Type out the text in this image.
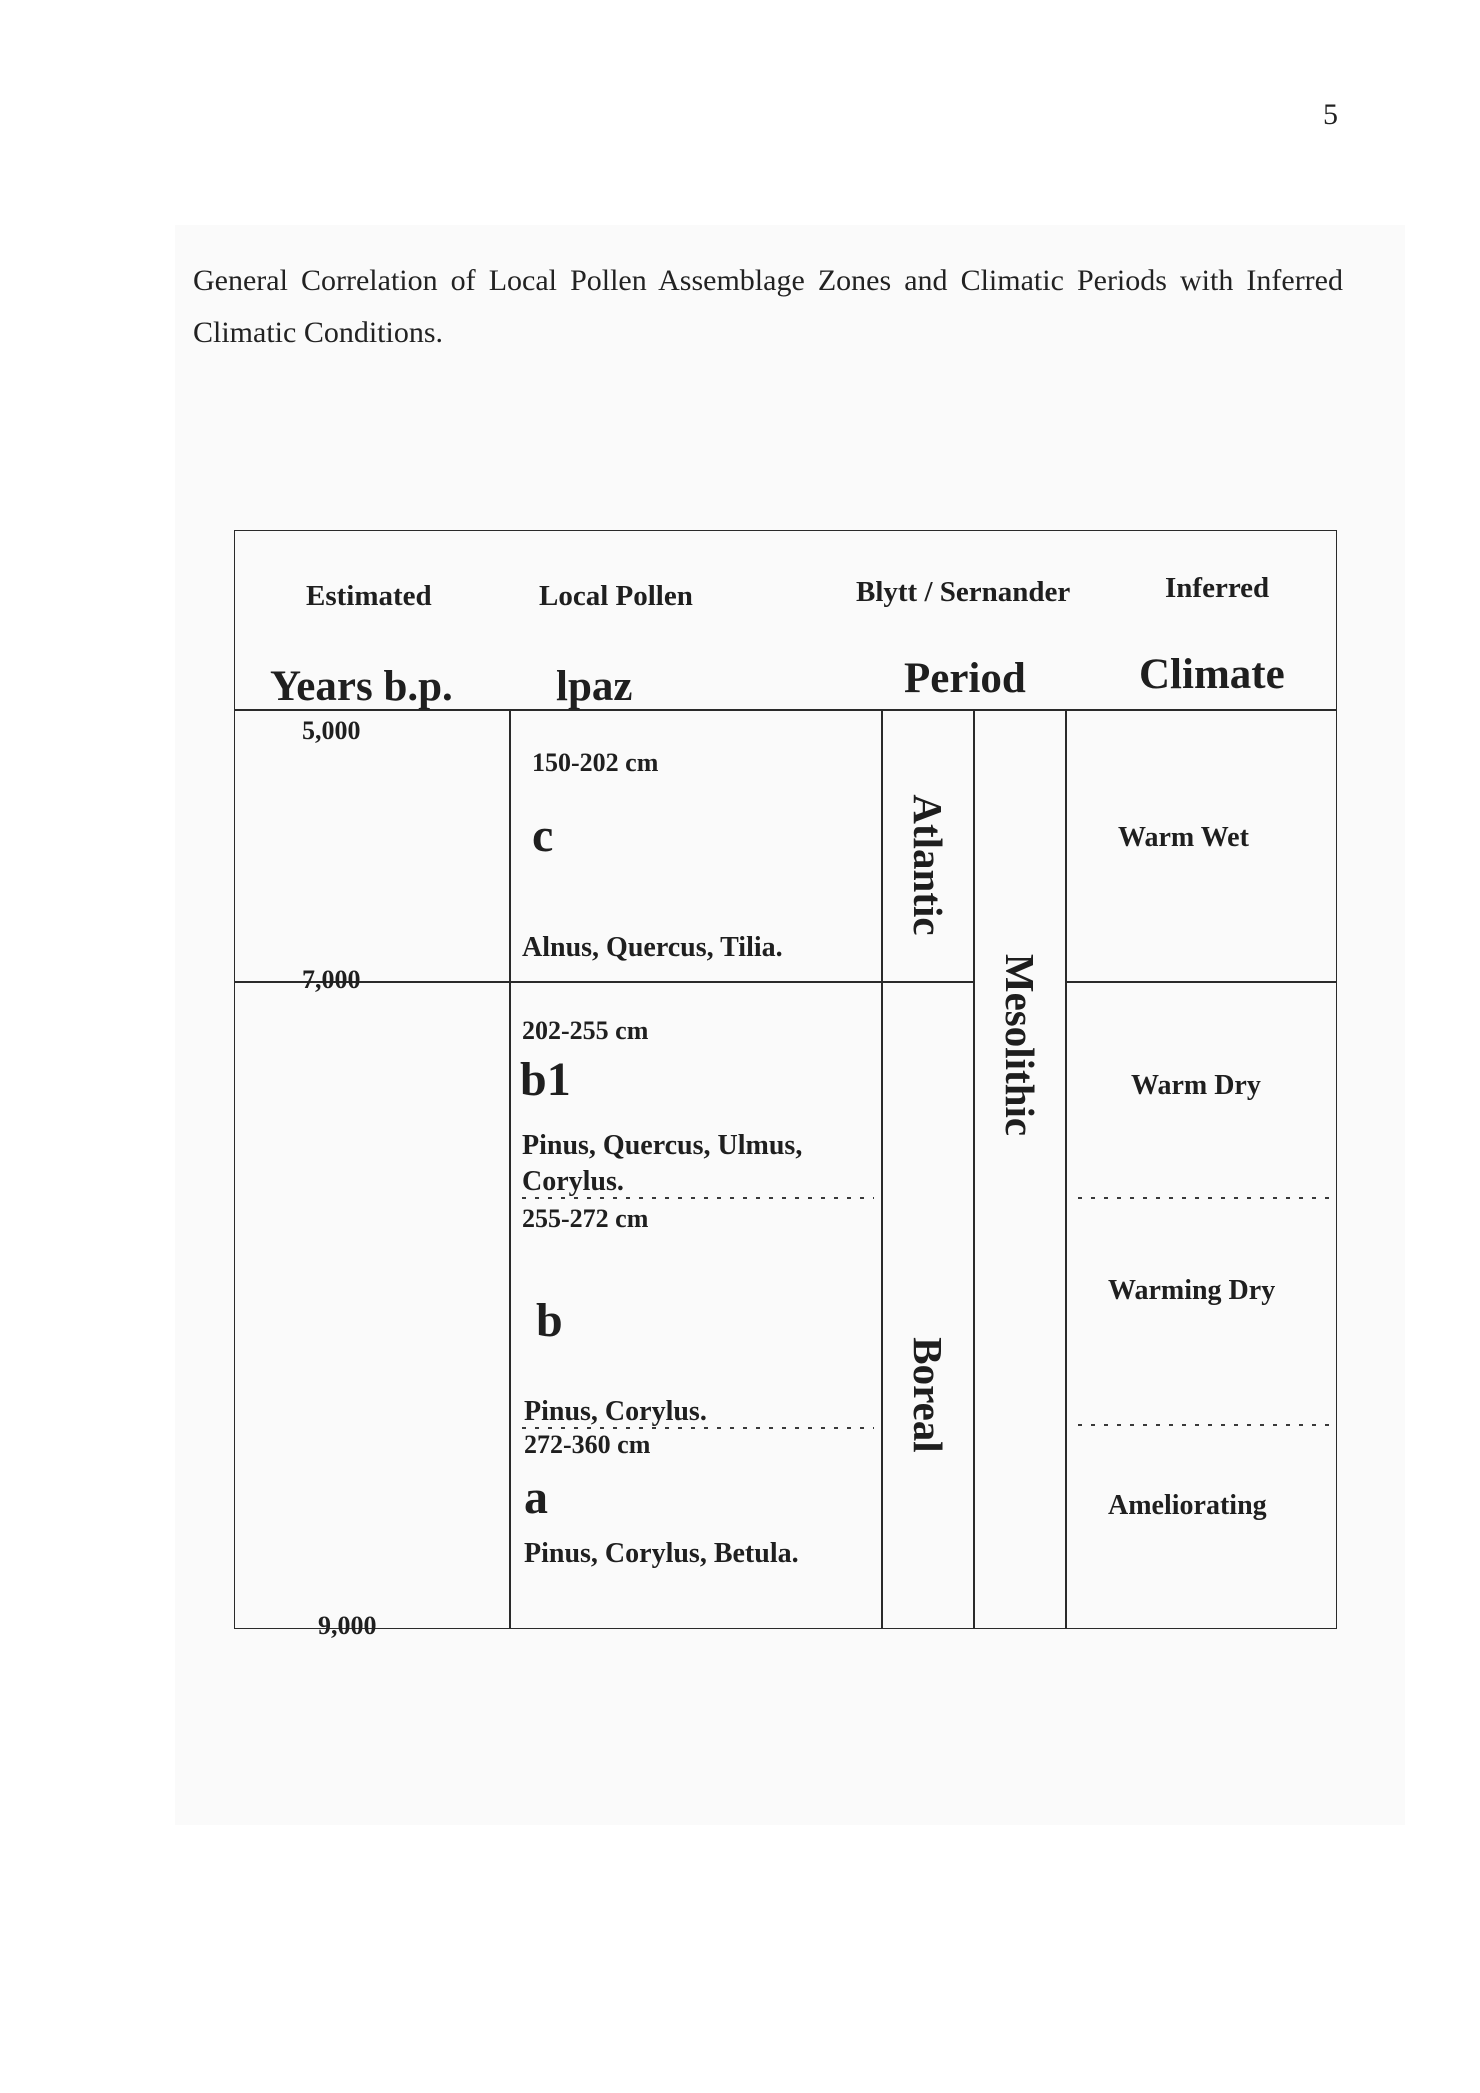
5
General Correlation of Local Pollen Assemblage Zones and Climatic Periods with Inferred Climatic Conditions.
Estimated
Years b.p.
Local Pollen
lpaz
Blytt / Sernander
Period
Inferred
Climate
5,000
7,000
9,000
150-202 cm
c
Alnus, Quercus, Tilia.
202-255 cm
b1
Pinus, Quercus, Ulmus,
Corylus.
255-272 cm
b
Pinus, Corylus.
272-360 cm
a
Pinus, Corylus, Betula.
Atlantic
Boreal
Mesolithic
Warm Wet
Warm Dry
Warming Dry
Ameliorating
